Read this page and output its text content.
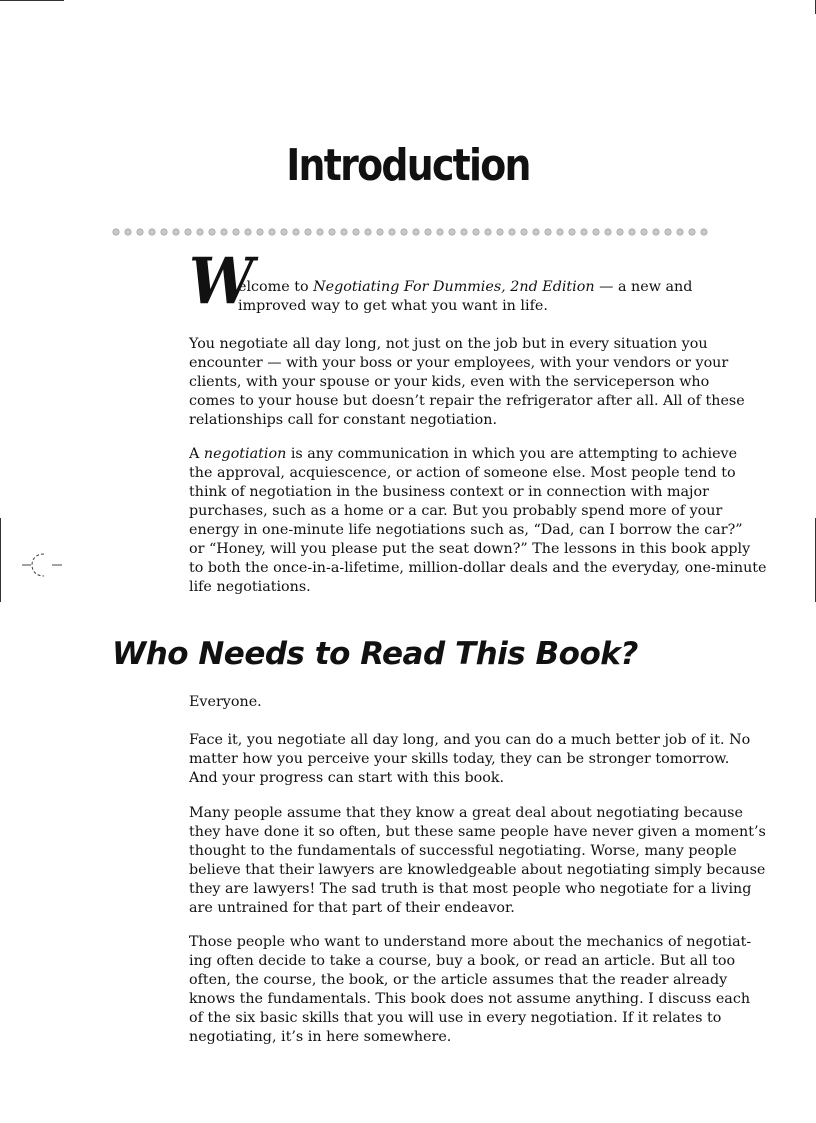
Introduction
W
elcome to Negotiating For Dummies, 2nd Edition — a new and
improved way to get what you want in life.
You negotiate all day long, not just on the job but in every situation you
encounter — with your boss or your employees, with your vendors or your
clients, with your spouse or your kids, even with the serviceperson who
comes to your house but doesn’t repair the refrigerator after all. All of these
relationships call for constant negotiation.
A negotiation is any communication in which you are attempting to achieve
the approval, acquiescence, or action of someone else. Most people tend to
think of negotiation in the business context or in connection with major
purchases, such as a home or a car. But you probably spend more of your
energy in one-minute life negotiations such as, “Dad, can I borrow the car?”
or “Honey, will you please put the seat down?” The lessons in this book apply
to both the once-in-a-lifetime, million-dollar deals and the everyday, one-minute
life negotiations.
Who Needs to Read This Book?
Everyone.
Face it, you negotiate all day long, and you can do a much better job of it. No
matter how you perceive your skills today, they can be stronger tomorrow.
And your progress can start with this book.
Many people assume that they know a great deal about negotiating because
they have done it so often, but these same people have never given a moment’s
thought to the fundamentals of successful negotiating. Worse, many people
believe that their lawyers are knowledgeable about negotiating simply because
they are lawyers! The sad truth is that most people who negotiate for a living
are untrained for that part of their endeavor.
Those people who want to understand more about the mechanics of negotiat-
ing often decide to take a course, buy a book, or read an article. But all too
often, the course, the book, or the article assumes that the reader already
knows the fundamentals. This book does not assume anything. I discuss each
of the six basic skills that you will use in every negotiation. If it relates to
negotiating, it’s in here somewhere.
